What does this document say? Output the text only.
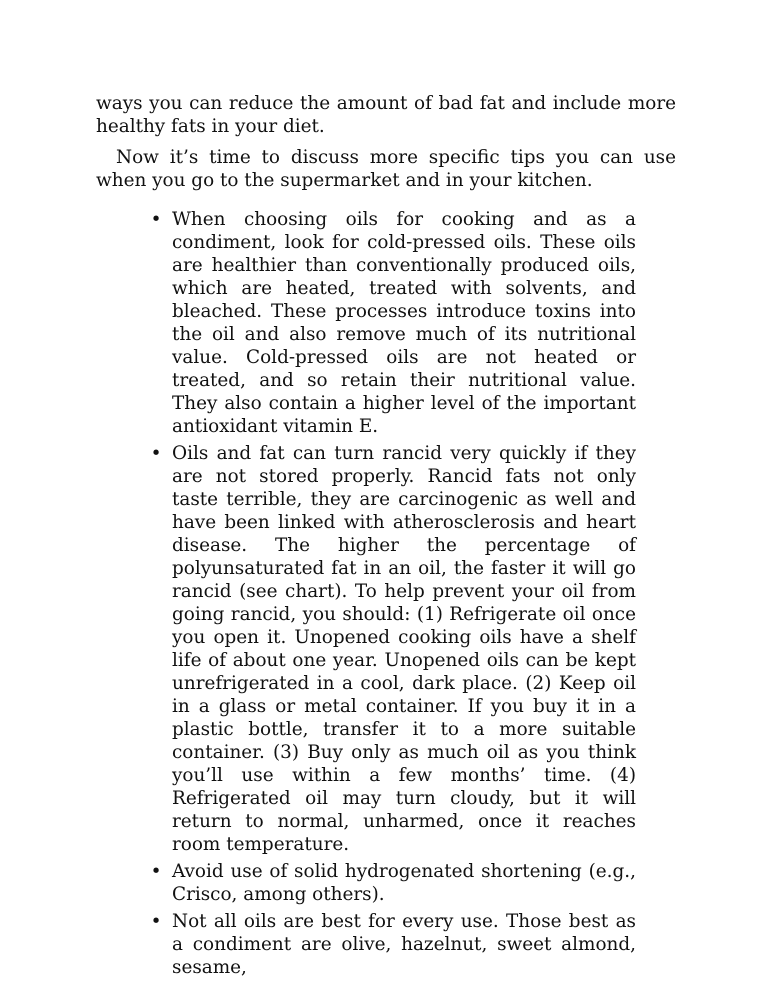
ways you can reduce the amount of bad fat and include more healthy fats in your diet.

Now it’s time to discuss more specific tips you can use when you go to the supermarket and in your kitchen.

• When choosing oils for cooking and as a condiment, look for cold-pressed oils. These oils are healthier than conventionally produced oils, which are heated, treated with solvents, and bleached. These processes introduce toxins into the oil and also remove much of its nutritional value. Cold-pressed oils are not heated or treated, and so retain their nutritional value. They also contain a higher level of the important antioxidant vitamin E.
• Oils and fat can turn rancid very quickly if they are not stored properly. Rancid fats not only taste terrible, they are carcinogenic as well and have been linked with atherosclerosis and heart disease. The higher the percentage of polyunsaturated fat in an oil, the faster it will go rancid (see chart). To help prevent your oil from going rancid, you should: (1) Refrigerate oil once you open it. Unopened cooking oils have a shelf life of about one year. Unopened oils can be kept unrefrigerated in a cool, dark place. (2) Keep oil in a glass or metal container. If you buy it in a plastic bottle, transfer it to a more suitable container. (3) Buy only as much oil as you think you’ll use within a few months’ time. (4) Refrigerated oil may turn cloudy, but it will return to normal, unharmed, once it reaches room temperature.
• Avoid use of solid hydrogenated shortening (e.g., Crisco, among others).
• Not all oils are best for every use. Those best as a condiment are olive, hazelnut, sweet almond, sesame,
